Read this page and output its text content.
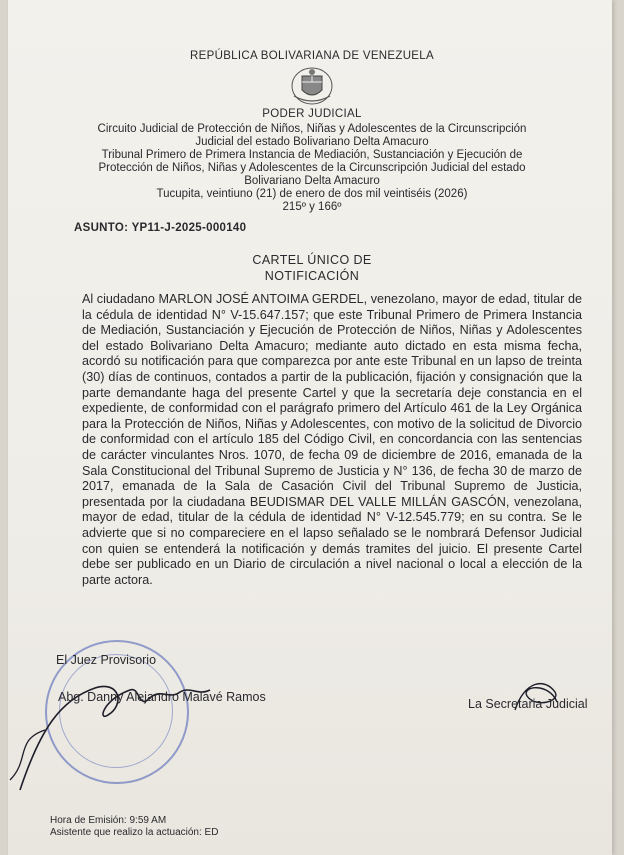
REPÚBLICA BOLIVARIANA DE VENEZUELA
PODER JUDICIAL
Circuito Judicial de Protección de Niños, Niñas y Adolescentes de la Circunscripción
Judicial del estado Bolivariano Delta Amacuro
Tribunal Primero de Primera Instancia de Mediación, Sustanciación y Ejecución de
Protección de Niños, Niñas y Adolescentes de la Circunscripción Judicial del estado
Bolivariano Delta Amacuro
Tucupita, veintiuno (21) de enero de dos mil veintiséis (2026)
215º y 166º
ASUNTO: YP11-J-2025-000140
CARTEL ÚNICO DE
NOTIFICACIÓN

Al ciudadano MARLON JOSÉ ANTOIMA GERDEL, venezolano, mayor de edad, titular de la cédula de identidad N° V-15.647.157; que este Tribunal Primero de Primera Instancia de Mediación, Sustanciación y Ejecución de Protección de Niños, Niñas y Adolescentes del estado Bolivariano Delta Amacuro; mediante auto dictado en esta misma fecha, acordó su notificación para que comparezca por ante este Tribunal en un lapso de treinta (30) días de continuos, contados a partir de la publicación, fijación y consignación que la parte demandante haga del presente Cartel y que la secretaría deje constancia en el expediente, de conformidad con el parágrafo primero del Artículo 461 de la Ley Orgánica para la Protección de Niños, Niñas y Adolescentes, con motivo de la solicitud de Divorcio de conformidad con el artículo 185 del Código Civil, en concordancia con las sentencias de carácter vinculantes Nros. 1070, de fecha 09 de diciembre de 2016, emanada de la Sala Constitucional del Tribunal Supremo de Justicia y N° 136, de fecha 30 de marzo de 2017, emanada de la Sala de Casación Civil del Tribunal Supremo de Justicia, presentada por la ciudadana BEUDISMAR DEL VALLE MILLÁN GASCÓN, venezolana, mayor de edad, titular de la cédula de identidad N° V-12.545.779; en su contra. Se le advierte que si no compareciere en el lapso señalado se le nombrará Defensor Judicial con quien se entenderá la notificación y demás tramites del juicio. El presente Cartel debe ser publicado en un Diario de circulación a nivel nacional o local a elección de la parte actora.

El Juez Provisorio
Abg. Danny Alejandro Malavé Ramos	La Secretaria Judicial
Hora de Emisión: 9:59 AM
Asistente que realizo la actuación: ED
